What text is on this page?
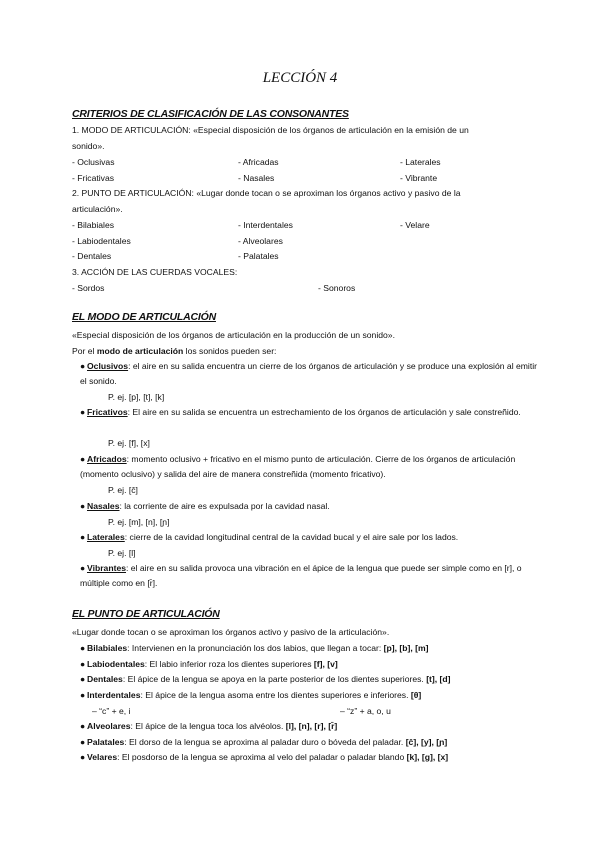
LECCIÓN 4
CRITERIOS DE CLASIFICACIÓN DE LAS CONSONANTES
1. MODO DE ARTICULACIÓN: «Especial disposición de los órganos de articulación en la emisión de un
sonido».
- Oclusivas	- Africadas	- Laterales
- Fricativas	- Nasales	- Vibrante
2. PUNTO DE ARTICULACIÓN: «Lugar donde tocan o se aproximan los órganos activo y pasivo de la
articulación».
- Bilabiales	- Interdentales	- Velare
- Labiodentales	- Alveolares
- Dentales	- Palatales
3. ACCIÓN DE LAS CUERDAS VOCALES:
- Sordos	- Sonoros
EL MODO DE ARTICULACIÓN
«Especial disposición de los órganos de articulación en la producción de un sonido».
Por el modo de articulación los sonidos pueden ser:
● Oclusivos: el aire en su salida encuentra un cierre de los órganos de articulación y se produce una explosión al emitir el sonido.
P. ej. [p], [t], [k]
● Fricativos: El aire en su salida se encuentra un estrechamiento de los órganos de articulación y sale constreñido.
P. ej. [f], [x]
● Africados: momento oclusivo + fricativo en el mismo punto de articulación. Cierre de los órganos de articulación (momento oclusivo) y salida del aire de manera constreñida (momento fricativo).
P. ej. [ĉ]
● Nasales: la corriente de aire es expulsada por la cavidad nasal.
P. ej. [m], [n], [ɲ]
● Laterales: cierre de la cavidad longitudinal central de la cavidad bucal y el aire sale por los lados.
P. ej. [l]
● Vibrantes: el aire en su salida provoca una vibración en el ápice de la lengua que puede ser simple como en [r], o múltiple como en [r̄].
EL PUNTO DE ARTICULACIÓN
«Lugar donde tocan o se aproximan los órganos activo y pasivo de la articulación».
● Bilabiales: Intervienen en la pronunciación los dos labios, que llegan a tocar: [p], [b], [m]
● Labiodentales: El labio inferior roza los dientes superiores [f], [v]
● Dentales: El ápice de la lengua se apoya en la parte posterior de los dientes superiores. [t], [d]
● Interdentales: El ápice de la lengua asoma entre los dientes superiores e inferiores. [θ]
– “c” + e, i	– “z” + a, o, u
● Alveolares: El ápice de la lengua toca los alvéolos. [l], [n], [r], [r̄]
● Palatales: El dorso de la lengua se aproxima al paladar duro o bóveda del paladar. [ĉ], [y], [ɲ]
● Velares: El posdorso de la lengua se aproxima al velo del paladar o paladar blando [k], [g], [x]
